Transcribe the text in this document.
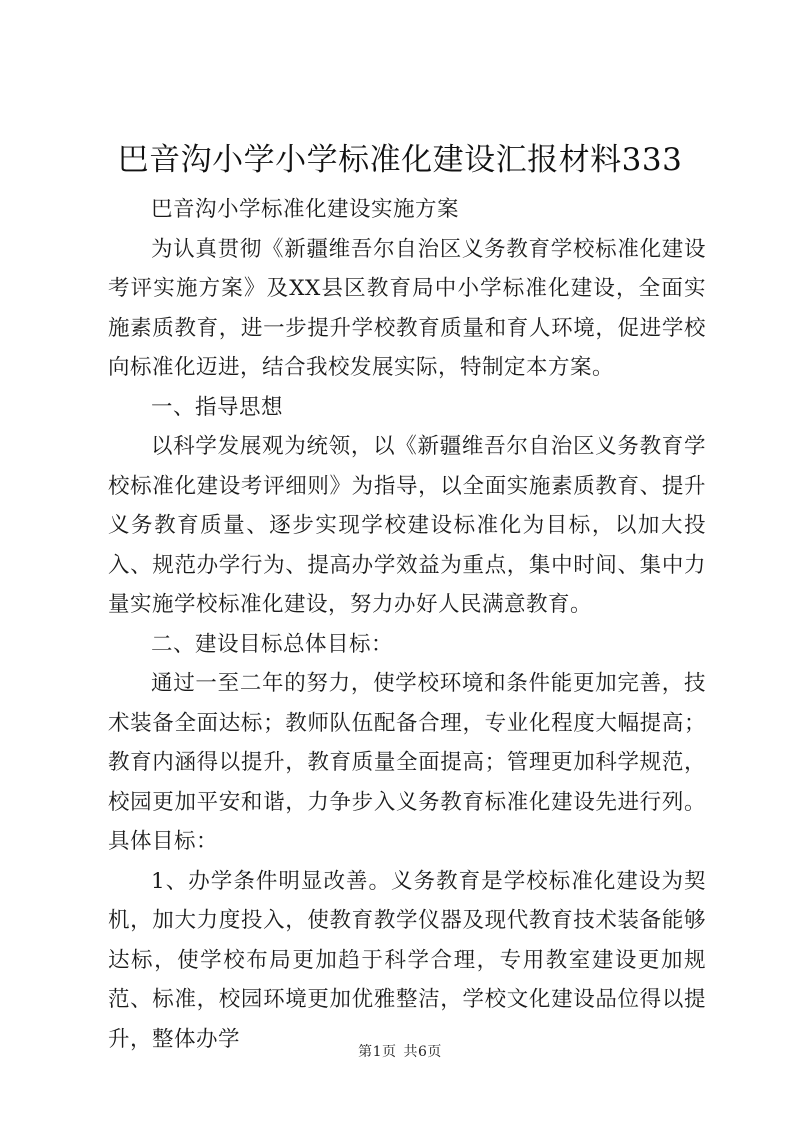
巴音沟小学小学标准化建设汇报材料333

巴音沟小学标准化建设实施方案

为认真贯彻《新疆维吾尔自治区义务教育学校标准化建设考评实施方案》及XX县区教育局中小学标准化建设，全面实施素质教育，进一步提升学校教育质量和育人环境，促进学校向标准化迈进，结合我校发展实际，特制定本方案。

一、指导思想

以科学发展观为统领，以《新疆维吾尔自治区义务教育学校标准化建设考评细则》为指导，以全面实施素质教育、提升义务教育质量、逐步实现学校建设标准化为目标，以加大投入、规范办学行为、提高办学效益为重点，集中时间、集中力量实施学校标准化建设，努力办好人民满意教育。

二、建设目标总体目标：

通过一至二年的努力，使学校环境和条件能更加完善，技术装备全面达标；教师队伍配备合理，专业化程度大幅提高；教育内涵得以提升，教育质量全面提高；管理更加科学规范，校园更加平安和谐，力争步入义务教育标准化建设先进行列。具体目标：

1、办学条件明显改善。义务教育是学校标准化建设为契机，加大力度投入，使教育教学仪器及现代教育技术装备能够达标，使学校布局更加趋于科学合理，专用教室建设更加规范、标准，校园环境更加优雅整洁，学校文化建设品位得以提升，整体办学

第1页 共6页
